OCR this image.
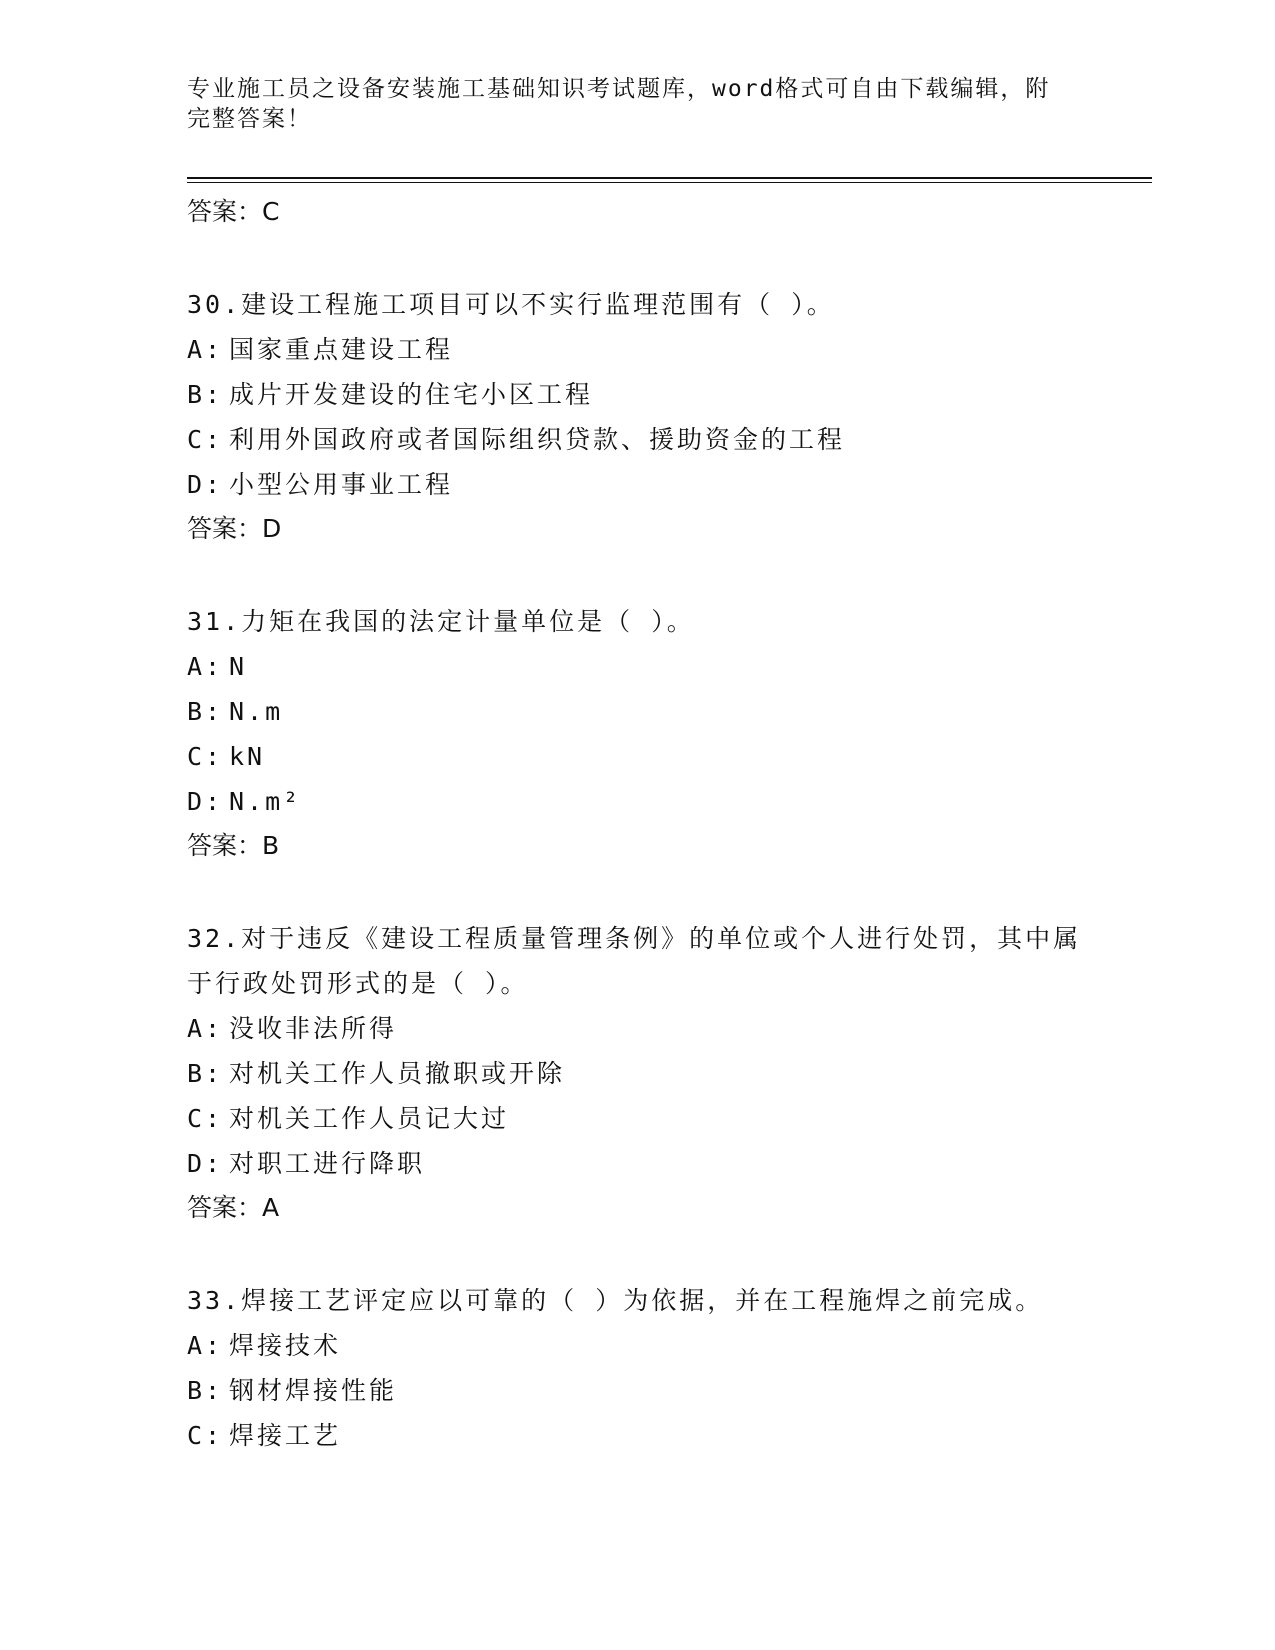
专业施工员之设备安装施工基础知识考试题库，word格式可自由下载编辑，附完整答案！
答案：C
30.建设工程施工项目可以不实行监理范围有（ ）。
A: 国家重点建设工程
B: 成片开发建设的住宅小区工程
C: 利用外国政府或者国际组织贷款、援助资金的工程
D: 小型公用事业工程
答案：D
31.力矩在我国的法定计量单位是（ ）。
A: N
B: N.m
C: kN
D: N.m²
答案：B
32.对于违反《建设工程质量管理条例》的单位或个人进行处罚，其中属于行政处罚形式的是（ ）。
A: 没收非法所得
B: 对机关工作人员撤职或开除
C: 对机关工作人员记大过
D: 对职工进行降职
答案：A
33.焊接工艺评定应以可靠的（ ）为依据，并在工程施焊之前完成。
A: 焊接技术
B: 钢材焊接性能
C: 焊接工艺
